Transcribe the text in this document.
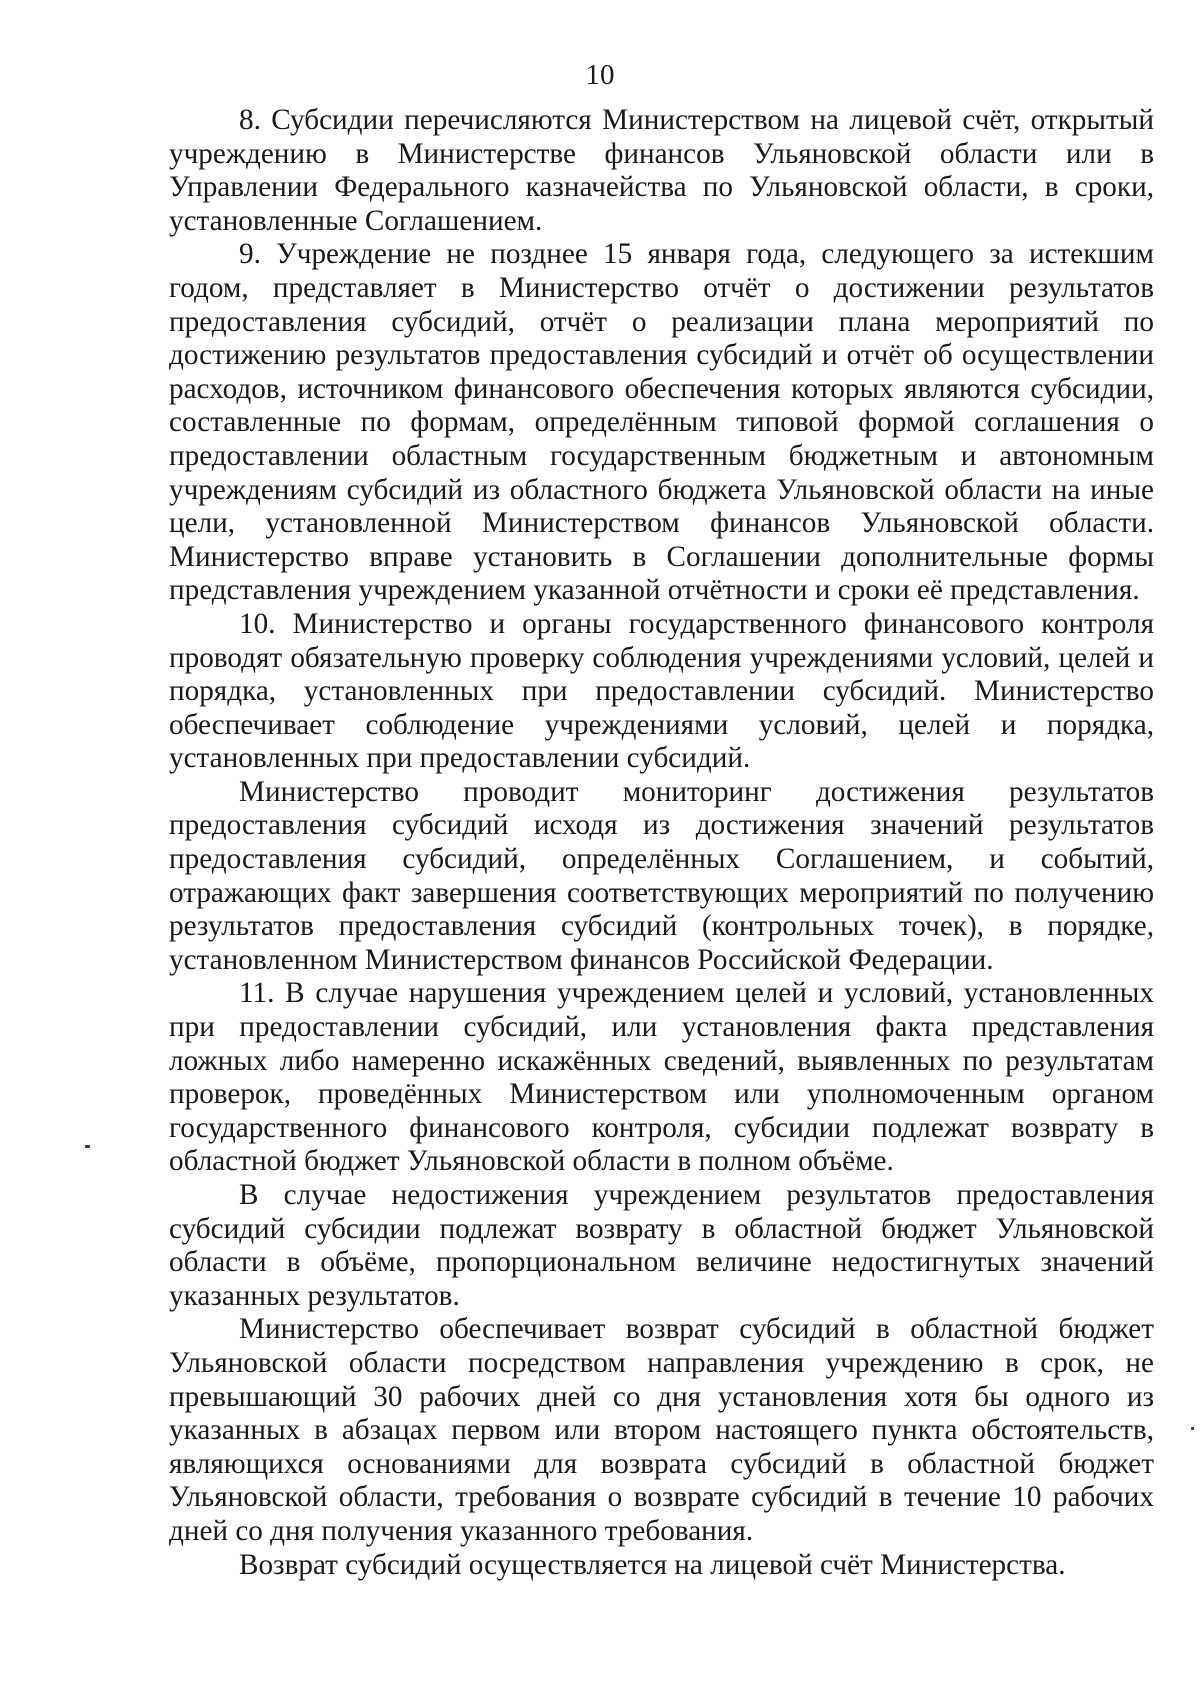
10

8. Субсидии перечисляются Министерством на лицевой счёт, открытый учреждению в Министерстве финансов Ульяновской области или в Управлении Федерального казначейства по Ульяновской области, в сроки, установленные Соглашением.

9. Учреждение не позднее 15 января года, следующего за истекшим годом, представляет в Министерство отчёт о достижении результатов предоставления субсидий, отчёт о реализации плана мероприятий по достижению результатов предоставления субсидий и отчёт об осуществлении расходов, источником финансового обеспечения которых являются субсидии, составленные по формам, определённым типовой формой соглашения о предоставлении областным государственным бюджетным и автономным учреждениям субсидий из областного бюджета Ульяновской области на иные цели, установленной Министерством финансов Ульяновской области. Министерство вправе установить в Соглашении дополнительные формы представления учреждением указанной отчётности и сроки её представления.

10. Министерство и органы государственного финансового контроля проводят обязательную проверку соблюдения учреждениями условий, целей и порядка, установленных при предоставлении субсидий. Министерство обеспечивает соблюдение учреждениями условий, целей и порядка, установленных при предоставлении субсидий.

Министерство проводит мониторинг достижения результатов предоставления субсидий исходя из достижения значений результатов предоставления субсидий, определённых Соглашением, и событий, отражающих факт завершения соответствующих мероприятий по получению результатов предоставления субсидий (контрольных точек), в порядке, установленном Министерством финансов Российской Федерации.

11. В случае нарушения учреждением целей и условий, установленных при предоставлении субсидий, или установления факта представления ложных либо намеренно искажённых сведений, выявленных по результатам проверок, проведённых Министерством или уполномоченным органом государственного финансового контроля, субсидии подлежат возврату в областной бюджет Ульяновской области в полном объёме.

В случае недостижения учреждением результатов предоставления субсидий субсидии подлежат возврату в областной бюджет Ульяновской области в объёме, пропорциональном величине недостигнутых значений указанных результатов.

Министерство обеспечивает возврат субсидий в областной бюджет Ульяновской области посредством направления учреждению в срок, не превышающий 30 рабочих дней со дня установления хотя бы одного из указанных в абзацах первом или втором настоящего пункта обстоятельств, являющихся основаниями для возврата субсидий в областной бюджет Ульяновской области, требования о возврате субсидий в течение 10 рабочих дней со дня получения указанного требования.

Возврат субсидий осуществляется на лицевой счёт Министерства.
